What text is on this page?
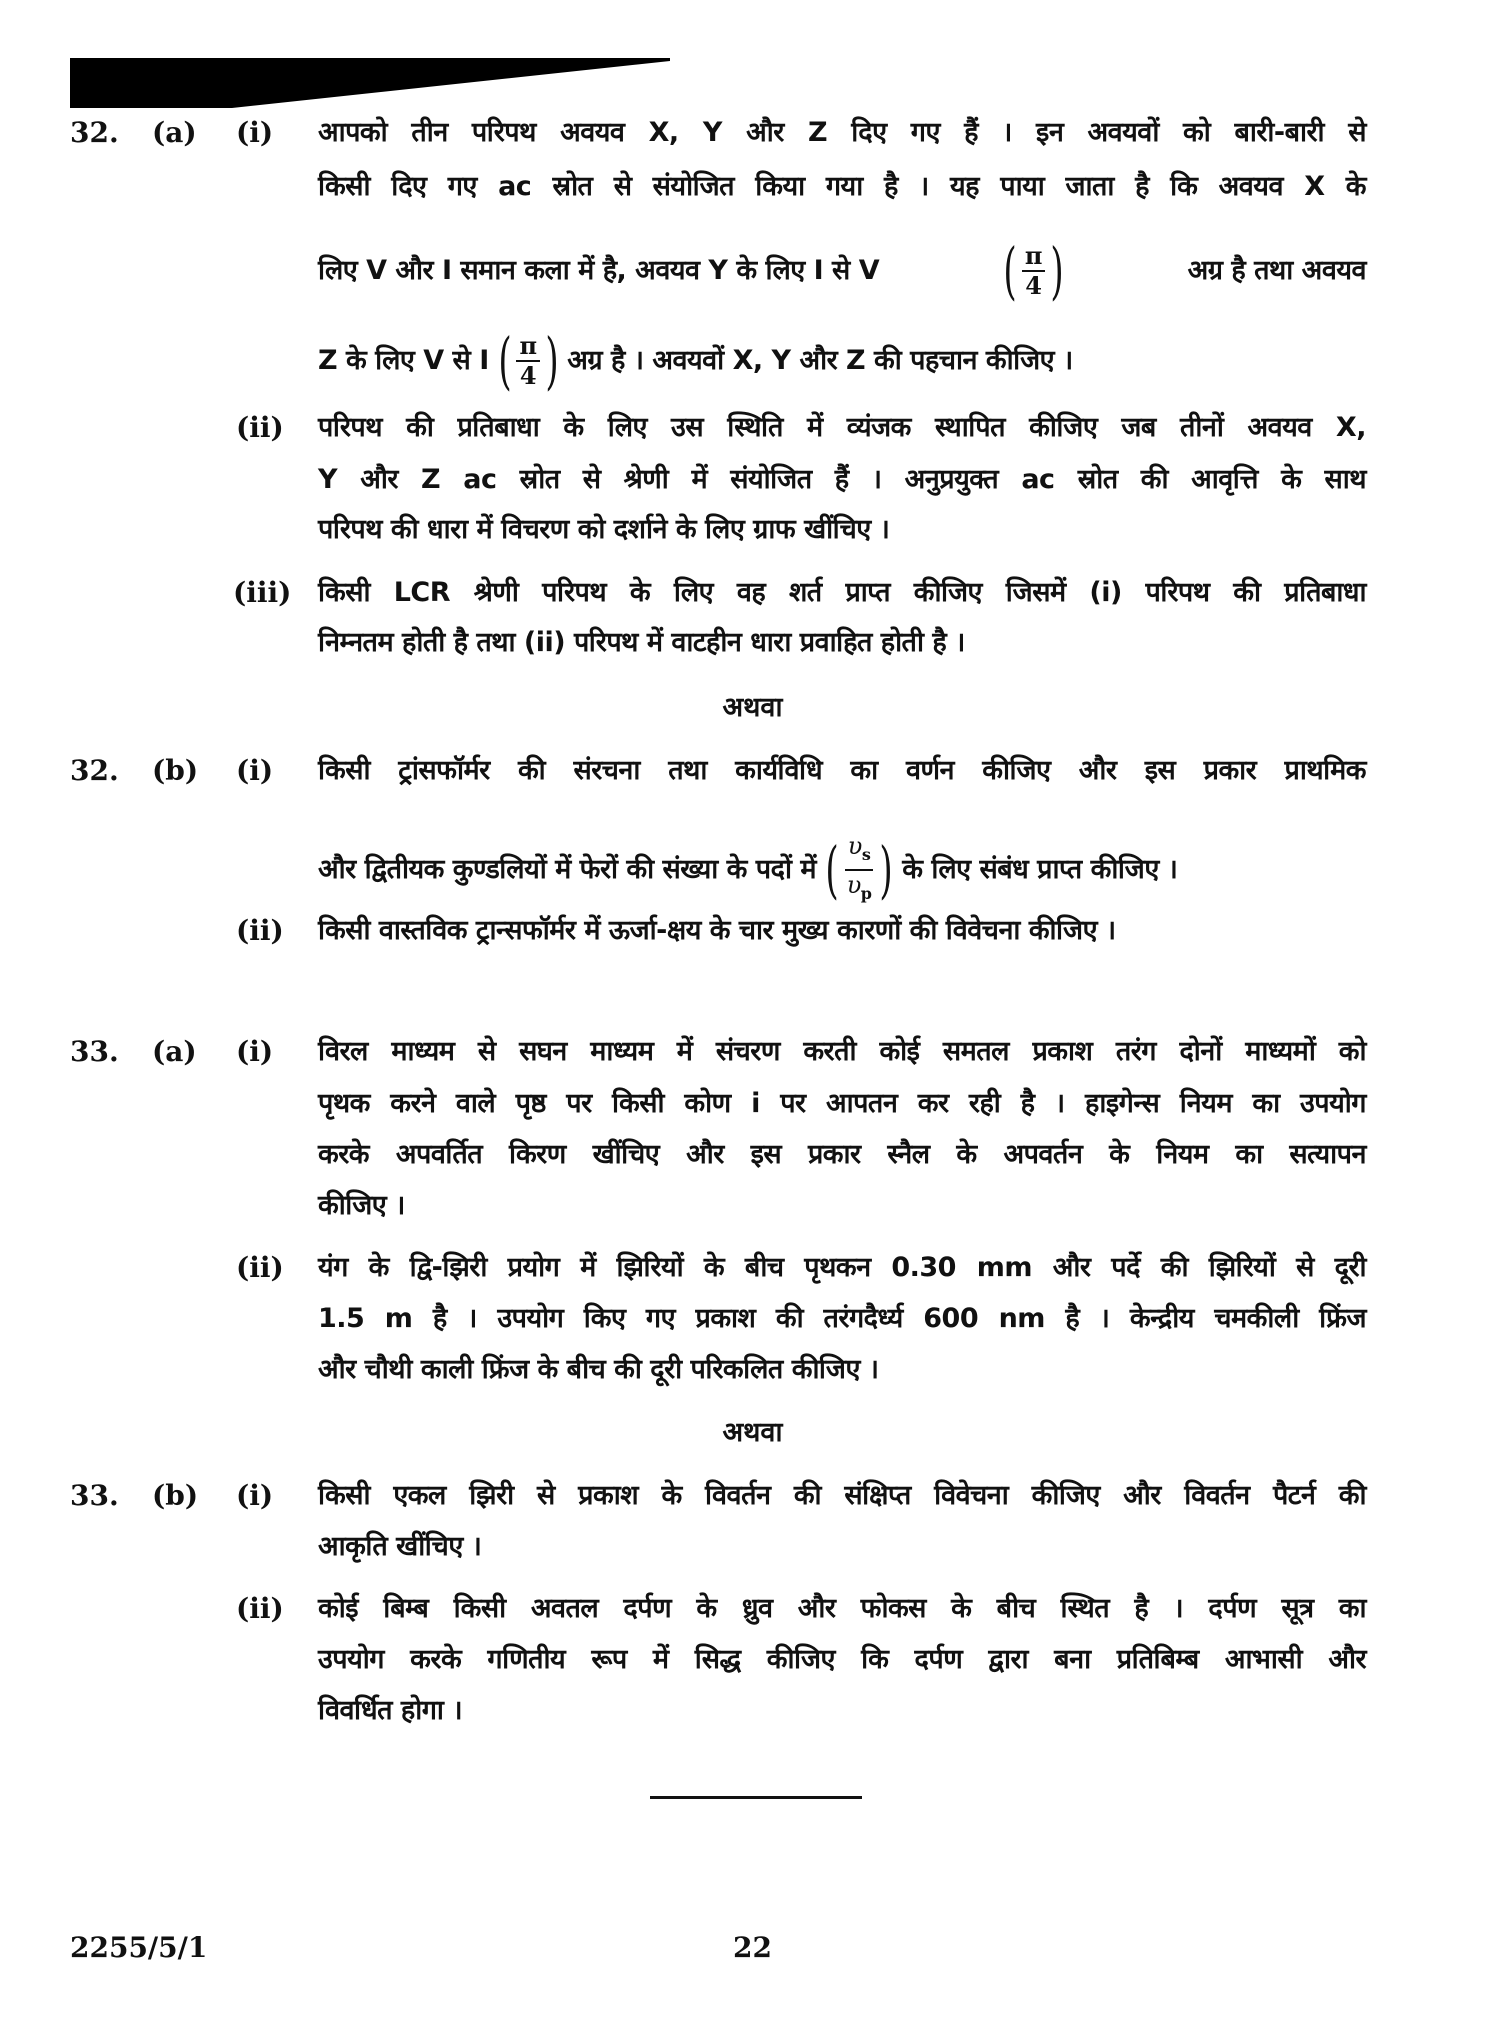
32. (a) (i) आपको तीन परिपथ अवयव X, Y और Z दिए गए हैं । इन अवयवों को बारी-बारी से
किसी दिए गए ac स्रोत से संयोजित किया गया है । यह पाया जाता है कि अवयव X के
लिए V और I समान कला में है, अवयव Y के लिए I से V ( $\frac{\pi}{4}$ )	अग्र है तथा अवयव
Z के लिए V से I ( $\frac{\pi}{4}$ ) अग्र है । अवयवों X, Y और Z की पहचान कीजिए ।
(ii) परिपथ की प्रतिबाधा के लिए उस स्थिति में व्यंजक स्थापित कीजिए जब तीनों अवयव X,
Y और Z ac स्रोत से श्रेणी में संयोजित हैं । अनुप्रयुक्त ac स्रोत की आवृत्ति के साथ
परिपथ की धारा में विचरण को दर्शाने के लिए ग्राफ खींचिए ।
(iii) किसी LCR श्रेणी परिपथ के लिए वह शर्त प्राप्त कीजिए जिसमें (i) परिपथ की प्रतिबाधा
निम्नतम होती है तथा (ii) परिपथ में वाटहीन धारा प्रवाहित होती है ।
अथवा
32. (b) (i) किसी ट्रांसफॉर्मर की संरचना तथा कार्यविधि का वर्णन कीजिए और इस प्रकार प्राथमिक
और द्वितीयक कुण्डलियों में फेरों की संख्या के पदों में ( $\frac{\upsilon_s}{\upsilon_p}$ ) के लिए संबंध प्राप्त कीजिए ।
(ii) किसी वास्तविक ट्रान्सफॉर्मर में ऊर्जा-क्षय के चार मुख्य कारणों की विवेचना कीजिए ।
33. (a) (i) विरल माध्यम से सघन माध्यम में संचरण करती कोई समतल प्रकाश तरंग दोनों माध्यमों को
पृथक करने वाले पृष्ठ पर किसी कोण i पर आपतन कर रही है । हाइगेन्स नियम का उपयोग
करके अपवर्तित किरण खींचिए और इस प्रकार स्नैल के अपवर्तन के नियम का सत्यापन
कीजिए ।
(ii) यंग के द्वि-झिरी प्रयोग में झिरियों के बीच पृथकन 0.30 mm और पर्दे की झिरियों से दूरी
1.5 m है । उपयोग किए गए प्रकाश की तरंगदैर्ध्य 600 nm है । केन्द्रीय चमकीली फ्रिंज
और चौथी काली फ्रिंज के बीच की दूरी परिकलित कीजिए ।
अथवा
33. (b) (i) किसी एकल झिरी से प्रकाश के विवर्तन की संक्षिप्त विवेचना कीजिए और विवर्तन पैटर्न की
आकृति खींचिए ।
(ii) कोई बिम्ब किसी अवतल दर्पण के ध्रुव और फोकस के बीच स्थित है । दर्पण सूत्र का
उपयोग करके गणितीय रूप में सिद्ध कीजिए कि दर्पण द्वारा बना प्रतिबिम्ब आभासी और
विवर्धित होगा ।
2255/5/1	22
